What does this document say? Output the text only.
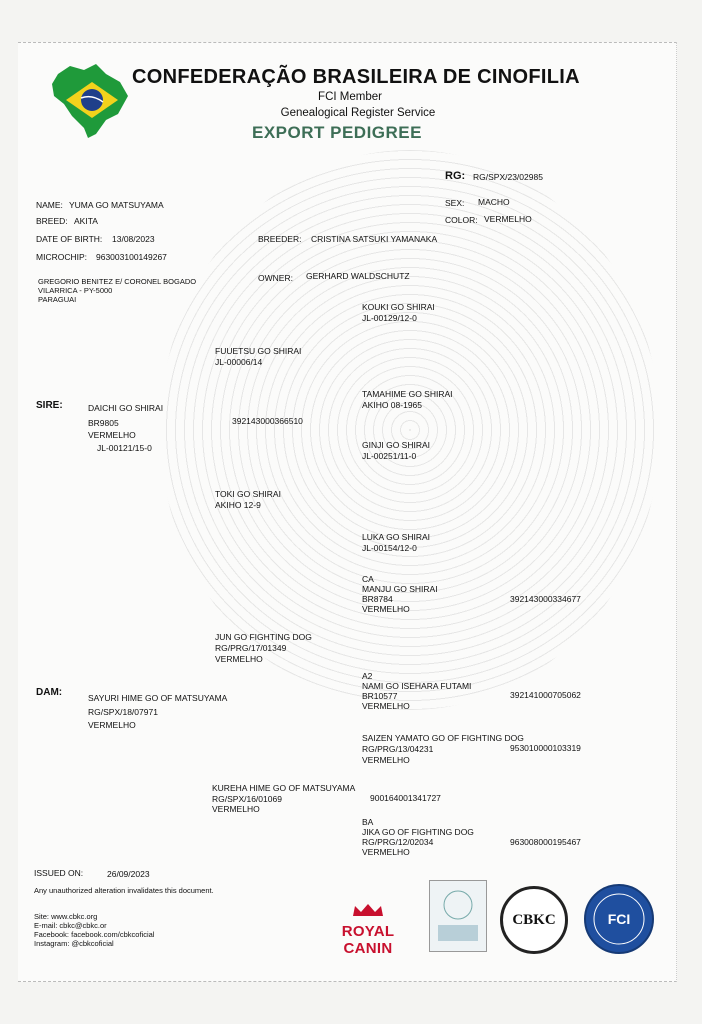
CONFEDERAÇÃO BRASILEIRA DE CINOFILIA
FCI Member
Genealogical Register Service
EXPORT PEDIGREE
RG: RG/SPX/23/02985
NAME: YUMA GO MATSUYAMA
BREED: AKITA
DATE OF BIRTH: 13/08/2023
MICROCHIP: 963003100149267
SEX: MACHO
COLOR: VERMELHO
BREEDER: CRISTINA SATSUKI YAMANAKA
OWNER: GERHARD WALDSCHUTZ
GREGORIO BENITEZ E/ CORONEL BOGADO
VILARRICA - PY-5000
PARAGUAI
SIRE:	DAICHI GO SHIRAI
BR9805
VERMELHO
JL-00121/15-0
392143000366510
FUUETSU GO SHIRAI
JL-00006/14
KOUKI GO SHIRAI
JL-00129/12-0
TAMAHIME GO SHIRAI
AKIHO 08-1965
TOKI GO SHIRAI
AKIHO 12-9
GINJI GO SHIRAI
JL-00251/11-0
LUKA GO SHIRAI
JL-00154/12-0
DAM:	SAYURI HIME GO OF MATSUYAMA
RG/SPX/18/07971
VERMELHO
JUN GO FIGHTING DOG
RG/PRG/17/01349
VERMELHO
CA
MANJU GO SHIRAI
BR8784
VERMELHO
392143000334677
A2
NAMI GO ISEHARA FUTAMI
BR10577
VERMELHO
392141000705062
KUREHA HIME GO OF MATSUYAMA
RG/SPX/16/01069
VERMELHO
900164001341727
SAIZEN YAMATO GO OF FIGHTING DOG
RG/PRG/13/04231
VERMELHO
953010000103319
BA
JIKA GO OF FIGHTING DOG
RG/PRG/12/02034
VERMELHO
963008000195467
ISSUED ON:	26/09/2023
Any unauthorized alteration invalidates this document.
Site: www.cbkc.org
E-mail: cbkc@cbkc.or
Facebook: facebook.com/cbkcoficial
Instagram: @cbkcoficial
ROYAL CANIN
CBKC	FCI
